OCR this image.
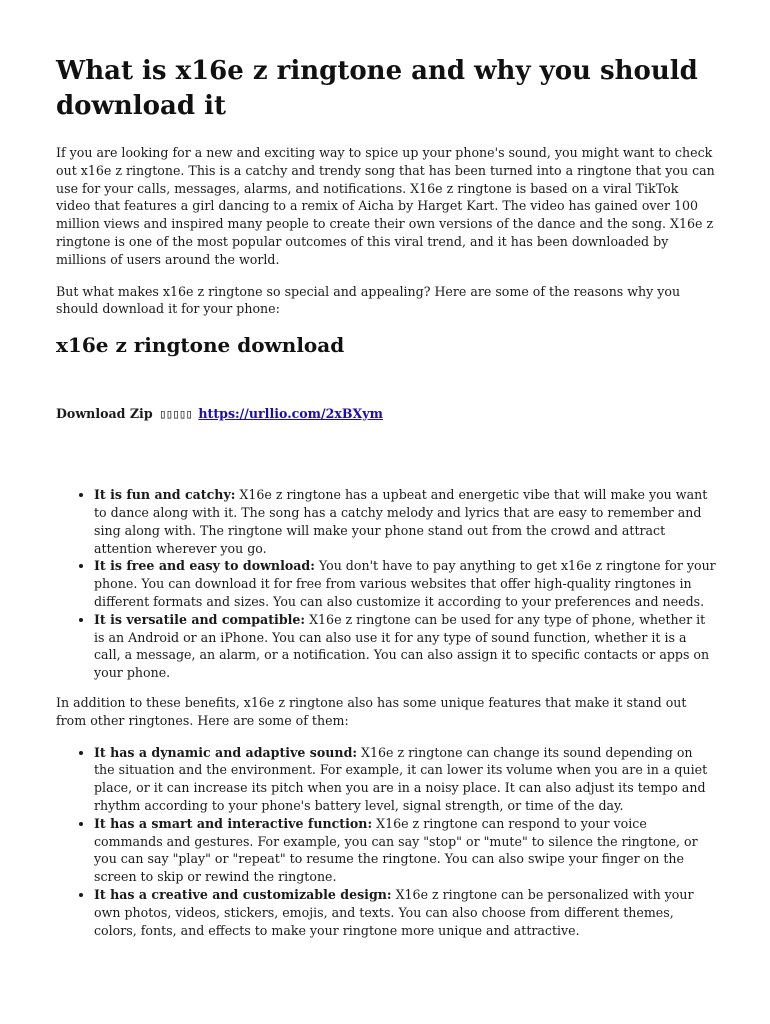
What is x16e z ringtone and why you should download it

If you are looking for a new and exciting way to spice up your phone's sound, you might want to check out x16e z ringtone. This is a catchy and trendy song that has been turned into a ringtone that you can use for your calls, messages, alarms, and notifications. X16e z ringtone is based on a viral TikTok video that features a girl dancing to a remix of Aicha by Harget Kart. The video has gained over 100 million views and inspired many people to create their own versions of the dance and the song. X16e z ringtone is one of the most popular outcomes of this viral trend, and it has been downloaded by millions of users around the world.

But what makes x16e z ringtone so special and appealing? Here are some of the reasons why you should download it for your phone:

x16e z ringtone download
Download Zip ▯▯▯▯▯ https://urllio.com/2xBXym
• It is fun and catchy: X16e z ringtone has a upbeat and energetic vibe that will make you want to dance along with it. The song has a catchy melody and lyrics that are easy to remember and sing along with. The ringtone will make your phone stand out from the crowd and attract attention wherever you go.
• It is free and easy to download: You don't have to pay anything to get x16e z ringtone for your phone. You can download it for free from various websites that offer high-quality ringtones in different formats and sizes. You can also customize it according to your preferences and needs.
• It is versatile and compatible: X16e z ringtone can be used for any type of phone, whether it is an Android or an iPhone. You can also use it for any type of sound function, whether it is a call, a message, an alarm, or a notification. You can also assign it to specific contacts or apps on your phone.

In addition to these benefits, x16e z ringtone also has some unique features that make it stand out from other ringtones. Here are some of them:

• It has a dynamic and adaptive sound: X16e z ringtone can change its sound depending on the situation and the environment. For example, it can lower its volume when you are in a quiet place, or it can increase its pitch when you are in a noisy place. It can also adjust its tempo and rhythm according to your phone's battery level, signal strength, or time of the day.
• It has a smart and interactive function: X16e z ringtone can respond to your voice commands and gestures. For example, you can say "stop" or "mute" to silence the ringtone, or you can say "play" or "repeat" to resume the ringtone. You can also swipe your finger on the screen to skip or rewind the ringtone.
• It has a creative and customizable design: X16e z ringtone can be personalized with your own photos, videos, stickers, emojis, and texts. You can also choose from different themes, colors, fonts, and effects to make your ringtone more unique and attractive.
